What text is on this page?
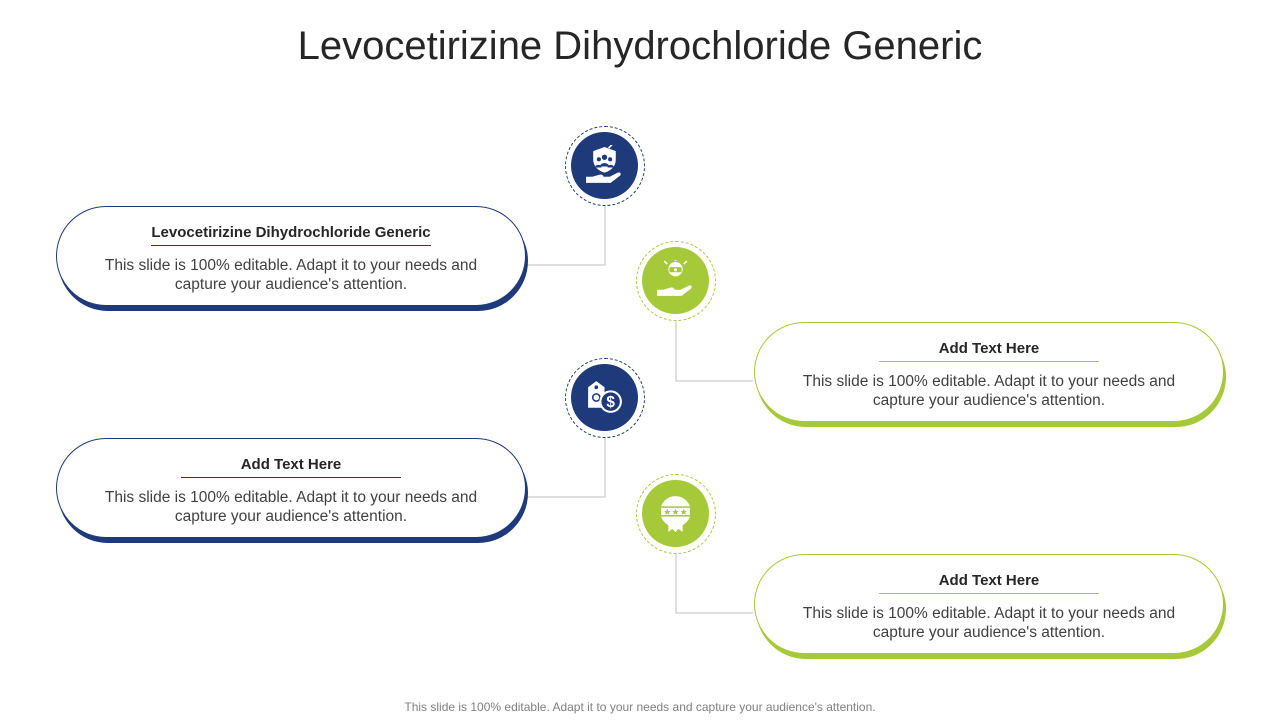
Levocetirizine Dihydrochloride Generic
Levocetirizine Dihydrochloride Generic
This slide is 100% editable. Adapt it to your needs and capture your audience's attention.
Add Text Here
This slide is 100% editable. Adapt it to your needs and capture your audience's attention.
Add Text Here
This slide is 100% editable. Adapt it to your needs and capture your audience's attention.
Add Text Here
This slide is 100% editable. Adapt it to your needs and capture your audience's attention.
$
This slide is 100% editable. Adapt it to your needs and capture your audience's attention.
